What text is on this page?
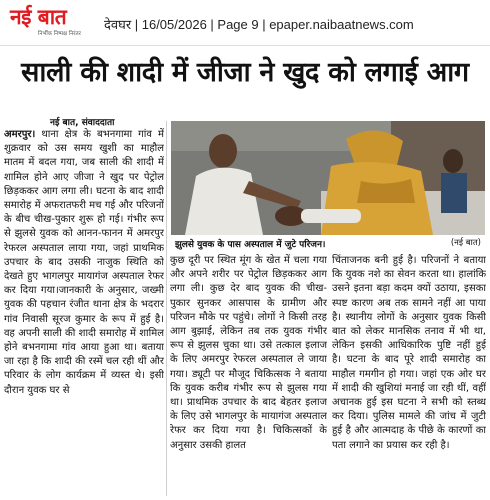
नई बात
निर्भीक निष्पक्ष निरंतर
देवघर | 16/05/2026 | Page 9 | epaper.naibaatnews.com
साली की शादी में जीजा ने खुद को लगाई आग
नई बात, संवाददाता
अमरपुर। थाना क्षेत्र के बभनगामा गांव में शुक्रवार को उस समय खुशी का माहौल मातम में बदल गया, जब साली की शादी में शामिल होने आए जीजा ने खुद पर पेट्रोल छिड़ककर आग लगा ली। घटना के बाद शादी समारोह में अफरातफरी मच गई और परिजनों के बीच चीख-पुकार शुरू हो गई। गंभीर रूप से झुलसे युवक को आनन-फानन में अमरपुर रेफरल अस्पताल लाया गया, जहां प्राथमिक उपचार के बाद उसकी नाजुक स्थिति को देखते हुए भागलपुर मायागंज अस्पताल रेफर कर दिया गया।जानकारी के अनुसार, जख्मी युवक की पहचान रंजीत थाना क्षेत्र के भदरार गांव निवासी सूरज कुमार के रूप में हुई है। वह अपनी साली की शादी समारोह में शामिल होने बभनगामा गांव आया हुआ था। बताया जा रहा है कि शादी की रस्में चल रही थीं और परिवार के लोग कार्यक्रम में व्यस्त थे। इसी दौरान युवक घर से
झुलसे युवक के पास अस्पताल में जुटे परिजन।	(नई बात)
कुछ दूरी पर स्थित मूंग के खेत में चला गया और अपने शरीर पर पेट्रोल छिड़ककर आग लगा ली। कुछ देर बाद युवक की चीख-पुकार सुनकर आसपास के ग्रामीण और परिजन मौके पर पहुंचे। लोगों ने किसी तरह आग बुझाई, लेकिन तब तक युवक गंभीर रूप से झुलस चुका था। उसे तत्काल इलाज के लिए अमरपुर रेफरल अस्पताल ले जाया गया। ड्यूटी पर मौजूद चिकित्सक ने बताया कि युवक करीब गंभीर रूप से झुलस गया था। प्राथमिक उपचार के बाद बेहतर इलाज के लिए उसे भागलपुर के मायागंज अस्पताल रेफर कर दिया गया है। चिकित्सकों के अनुसार उसकी हालत
चिंताजनक बनी हुई है। परिजनों ने बताया कि युवक नशे का सेवन करता था। हालांकि उसने इतना बड़ा कदम क्यों उठाया, इसका स्पष्ट कारण अब तक सामने नहीं आ पाया है। स्थानीय लोगों के अनुसार युवक किसी बात को लेकर मानसिक तनाव में भी था, लेकिन इसकी आधिकारिक पुष्टि नहीं हुई है। घटना के बाद पूरे शादी समारोह का माहौल गमगीन हो गया। जहां एक ओर घर में शादी की खुशियां मनाई जा रही थीं, वहीं अचानक हुई इस घटना ने सभी को स्तब्ध कर दिया। पुलिस मामले की जांच में जुटी हुई है और आत्मदाह के पीछे के कारणों का पता लगाने का प्रयास कर रही है।
